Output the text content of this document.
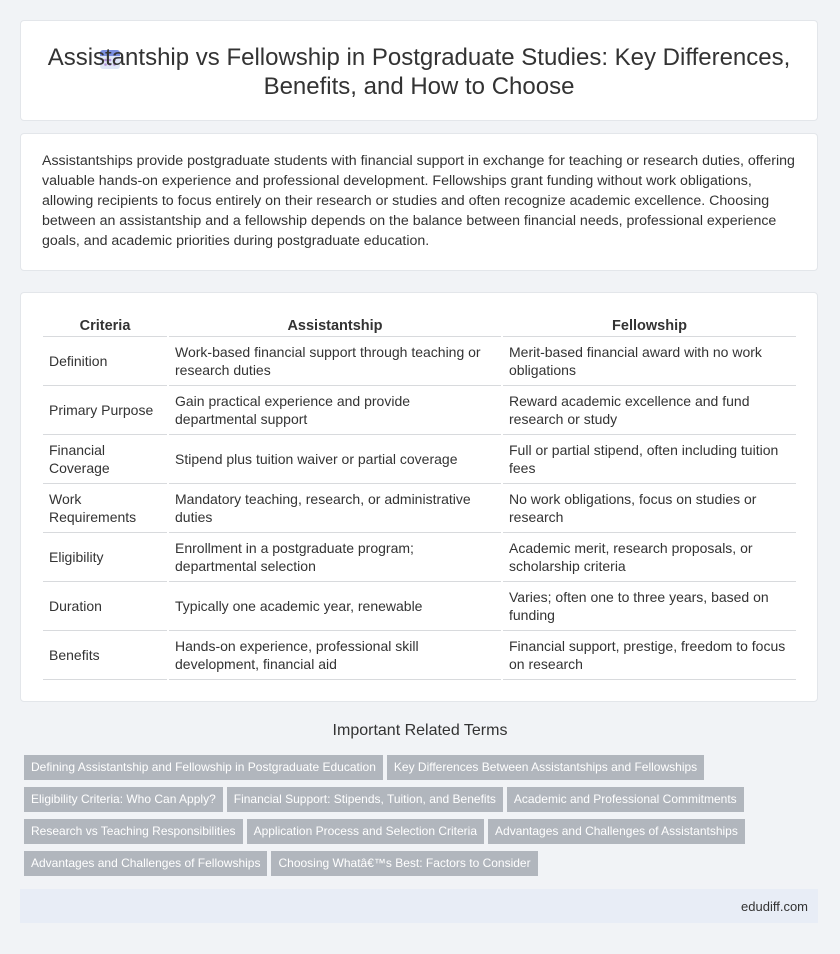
Assistantship vs Fellowship in Postgraduate Studies: Key Differences, Benefits, and How to Choose
Assistantships provide postgraduate students with financial support in exchange for teaching or research duties, offering valuable hands-on experience and professional development. Fellowships grant funding without work obligations, allowing recipients to focus entirely on their research or studies and often recognize academic excellence. Choosing between an assistantship and a fellowship depends on the balance between financial needs, professional experience goals, and academic priorities during postgraduate education.
Criteria	Assistantship	Fellowship
Definition	Work-based financial support through teaching or research duties	Merit-based financial award with no work obligations
Primary Purpose	Gain practical experience and provide departmental support	Reward academic excellence and fund research or study
Financial Coverage	Stipend plus tuition waiver or partial coverage	Full or partial stipend, often including tuition fees
Work Requirements	Mandatory teaching, research, or administrative duties	No work obligations, focus on studies or research
Eligibility	Enrollment in a postgraduate program; departmental selection	Academic merit, research proposals, or scholarship criteria
Duration	Typically one academic year, renewable	Varies; often one to three years, based on funding
Benefits	Hands-on experience, professional skill development, financial aid	Financial support, prestige, freedom to focus on research
Important Related Terms
Defining Assistantship and Fellowship in Postgraduate Education Key Differences Between Assistantships and Fellowships
Eligibility Criteria: Who Can Apply? Financial Support: Stipends, Tuition, and Benefits Academic and Professional Commitments
Research vs Teaching Responsibilities Application Process and Selection Criteria Advantages and Challenges of Assistantships
Advantages and Challenges of Fellowships Choosing Whatâ€™s Best: Factors to Consider
edudiff.com
